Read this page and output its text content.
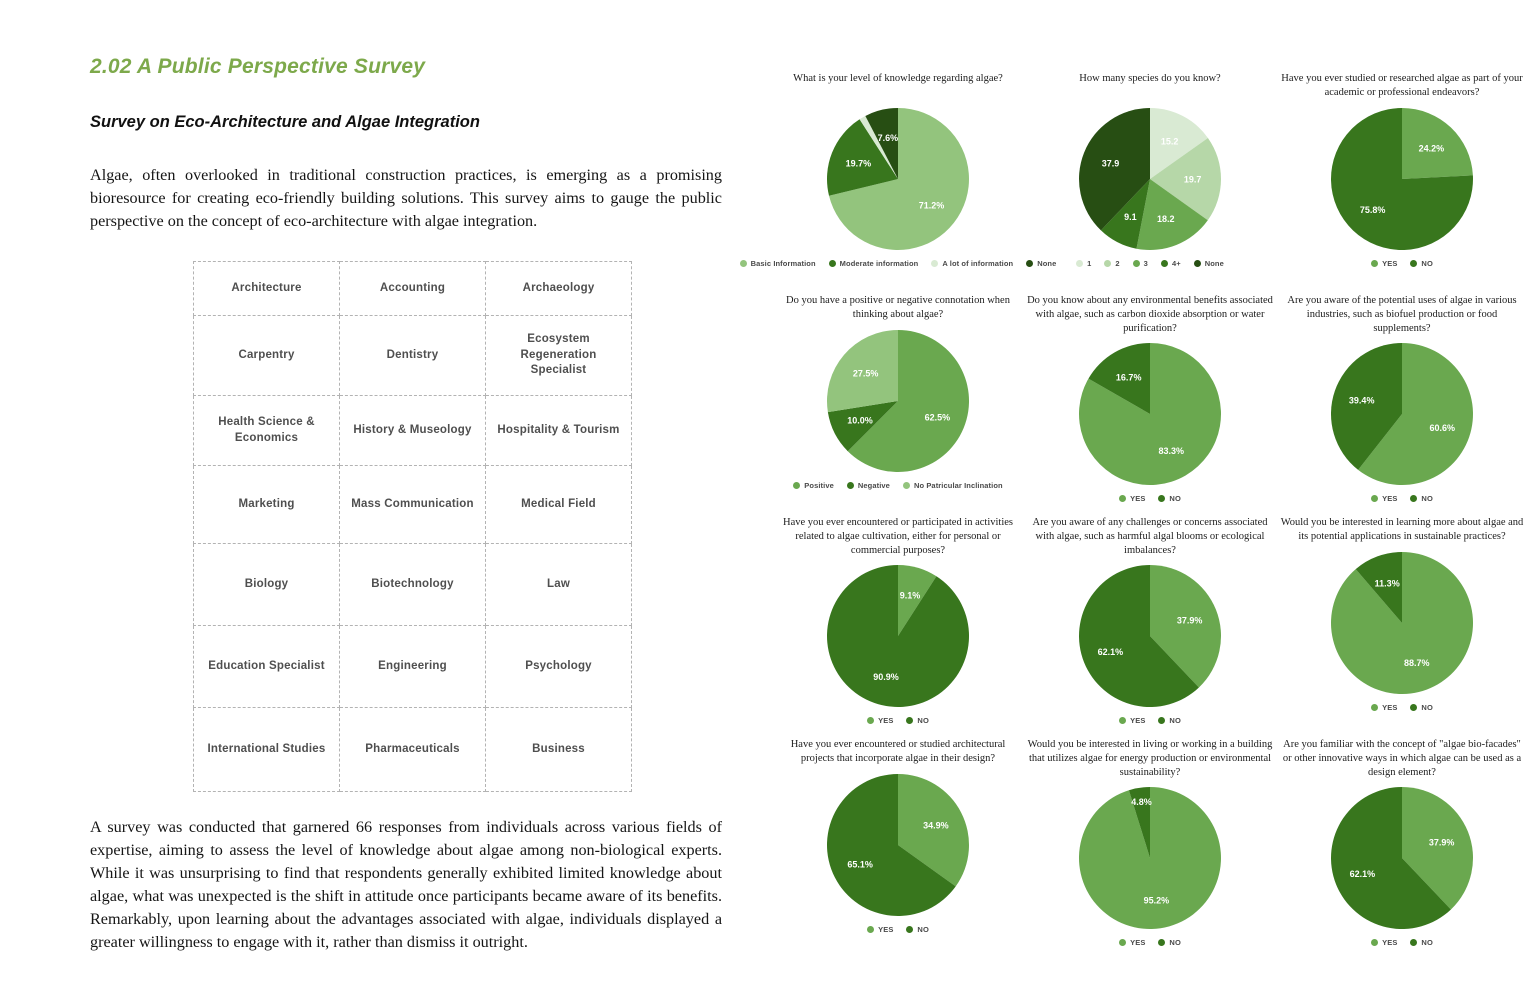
2.02 A Public Perspective Survey
Survey on Eco-Architecture and Algae Integration

Algae, often overlooked in traditional construction practices, is emerging as a promising bioresource for creating eco-friendly building solutions. This survey aims to gauge the public perspective on the concept of eco-architecture with algae integration.

Architecture	Accounting	Archaeology
Carpentry	Dentistry	Ecosystem Regeneration Specialist
Health Science & Economics	History & Museology	Hospitality & Tourism
Marketing	Mass Communication	Medical Field
Biology	Biotechnology	Law
Education Specialist	Engineering	Psychology
International Studies	Pharmaceuticals	Business

A survey was conducted that garnered 66 responses from individuals across various fields of expertise, aiming to assess the level of knowledge about algae among non-biological experts. While it was unsurprising to find that respondents generally exhibited limited knowledge about algae, what was unexpected is the shift in attitude once participants became aware of its benefits. Remarkably, upon learning about the advantages associated with algae, individuals displayed a greater willingness to engage with it, rather than dismiss it outright.

What is your level of knowledge regarding algae?
71.2%
19.7%
7.6%
Basic Information	Moderate information	A lot of information	None
How many species do you know?
15.2
19.7
18.2
9.1
37.9
1	2	3	4+	None
Have you ever studied or researched algae as part of your academic or professional endeavors?
24.2%
75.8%
YES	NO
Do you have a positive or negative connotation when thinking about algae?
62.5%
10.0%
27.5%
Positive	Negative	No Patricular Inclination
Do you know about any environmental benefits associated with algae, such as carbon dioxide absorption or water purification?
83.3%
16.7%
YES	NO
Are you aware of the potential uses of algae in various industries, such as biofuel production or food supplements?
60.6%
39.4%
YES	NO
Have you ever encountered or participated in activities related to algae cultivation, either for personal or commercial purposes?
9.1%
90.9%
YES	NO
Are you aware of any challenges or concerns associated with algae, such as harmful algal blooms or ecological imbalances?
37.9%
62.1%
YES	NO
Would you be interested in learning more about algae and its potential applications in sustainable practices?
88.7%
11.3%
YES	NO
Have you ever encountered or studied architectural projects that incorporate algae in their design?
34.9%
65.1%
YES	NO
Would you be interested in living or working in a building that utilizes algae for energy production or environmental sustainability?
95.2%
4.8%
YES	NO
Are you familiar with the concept of "algae bio-facades" or other innovative ways in which algae can be used as a design element?
37.9%
62.1%
YES	NO
